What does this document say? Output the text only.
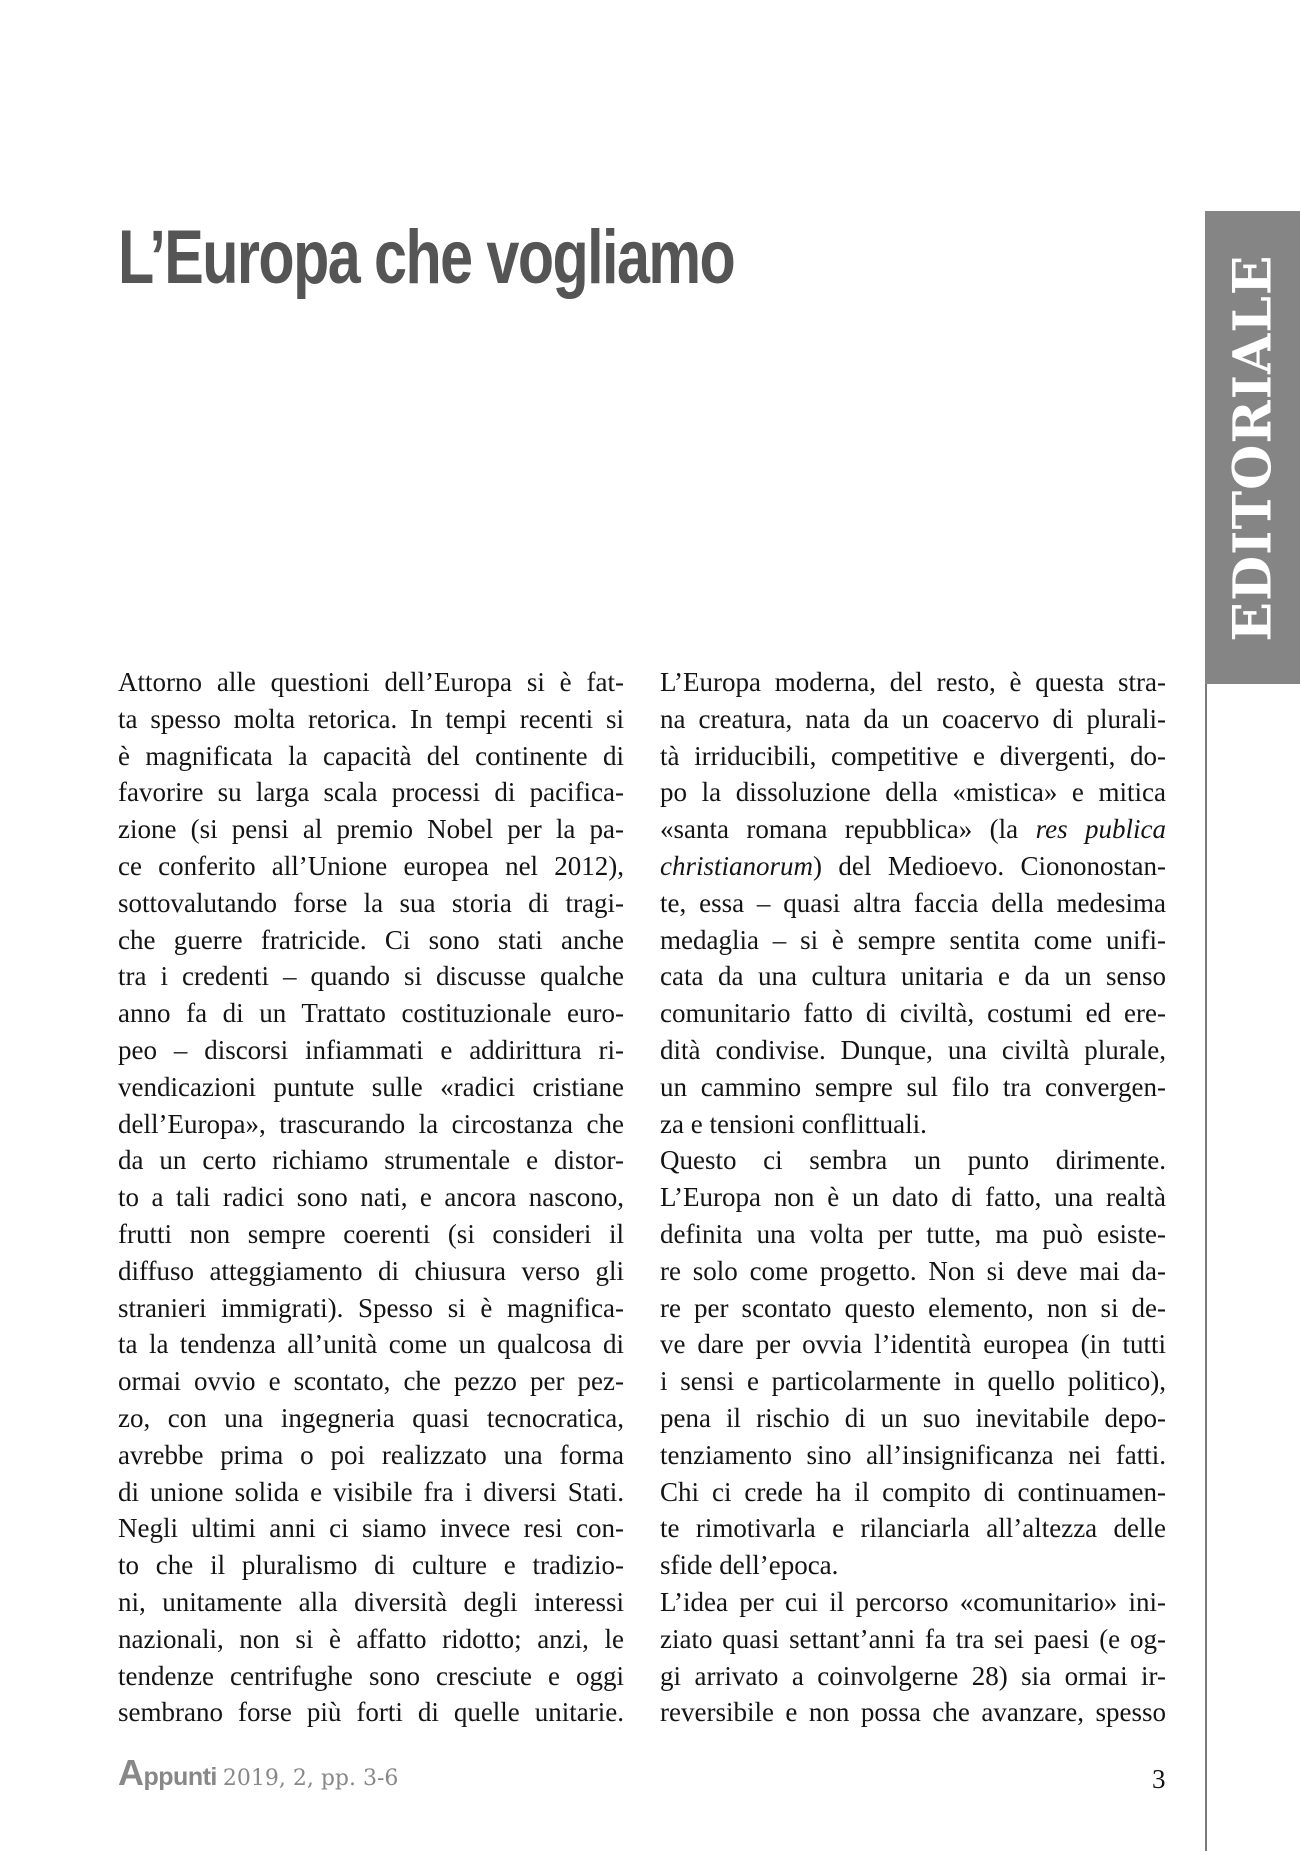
L’Europa che vogliamo	EDITORIALE
Attorno alle questioni dell’Europa si è fat-
ta spesso molta retorica. In tempi recenti si
è magnificata la capacità del continente di
favorire su larga scala processi di pacifica-
zione (si pensi al premio Nobel per la pa-
ce conferito all’Unione europea nel 2012),
sottovalutando forse la sua storia di tragi-
che guerre fratricide. Ci sono stati anche
tra i credenti – quando si discusse qualche
anno fa di un Trattato costituzionale euro-
peo – discorsi infiammati e addirittura ri-
vendicazioni puntute sulle «radici cristiane
dell’Europa», trascurando la circostanza che
da un certo richiamo strumentale e distor-
to a tali radici sono nati, e ancora nascono,
frutti non sempre coerenti (si consideri il
diffuso atteggiamento di chiusura verso gli
stranieri immigrati). Spesso si è magnifica-
ta la tendenza all’unità come un qualcosa di
ormai ovvio e scontato, che pezzo per pez-
zo, con una ingegneria quasi tecnocratica,
avrebbe prima o poi realizzato una forma
di unione solida e visibile fra i diversi Stati.
Negli ultimi anni ci siamo invece resi con-
to che il pluralismo di culture e tradizio-
ni, unitamente alla diversità degli interessi
nazionali, non si è affatto ridotto; anzi, le
tendenze centrifughe sono cresciute e oggi
sembrano forse più forti di quelle unitarie.
L’Europa moderna, del resto, è questa stra-
na creatura, nata da un coacervo di plurali-
tà irriducibili, competitive e divergenti, do-
po la dissoluzione della «mistica» e mitica
«santa romana repubblica» (la res publica
christianorum) del Medioevo. Ciononostan-
te, essa – quasi altra faccia della medesima
medaglia – si è sempre sentita come unifi-
cata da una cultura unitaria e da un senso
comunitario fatto di civiltà, costumi ed ere-
dità condivise. Dunque, una civiltà plurale,
un cammino sempre sul filo tra convergen-
za e tensioni conflittuali.
Questo ci sembra un punto dirimente.
L’Europa non è un dato di fatto, una realtà
definita una volta per tutte, ma può esiste-
re solo come progetto. Non si deve mai da-
re per scontato questo elemento, non si de-
ve dare per ovvia l’identità europea (in tutti
i sensi e particolarmente in quello politico),
pena il rischio di un suo inevitabile depo-
tenziamento sino all’insignificanza nei fatti.
Chi ci crede ha il compito di continuamen-
te rimotivarla e rilanciarla all’altezza delle
sfide dell’epoca.
L’idea per cui il percorso «comunitario» ini-
ziato quasi settant’anni fa tra sei paesi (e og-
gi arrivato a coinvolgerne 28) sia ormai ir-
reversibile e non possa che avanzare, spesso
Appunti 2019, 2, pp. 3-6	3
